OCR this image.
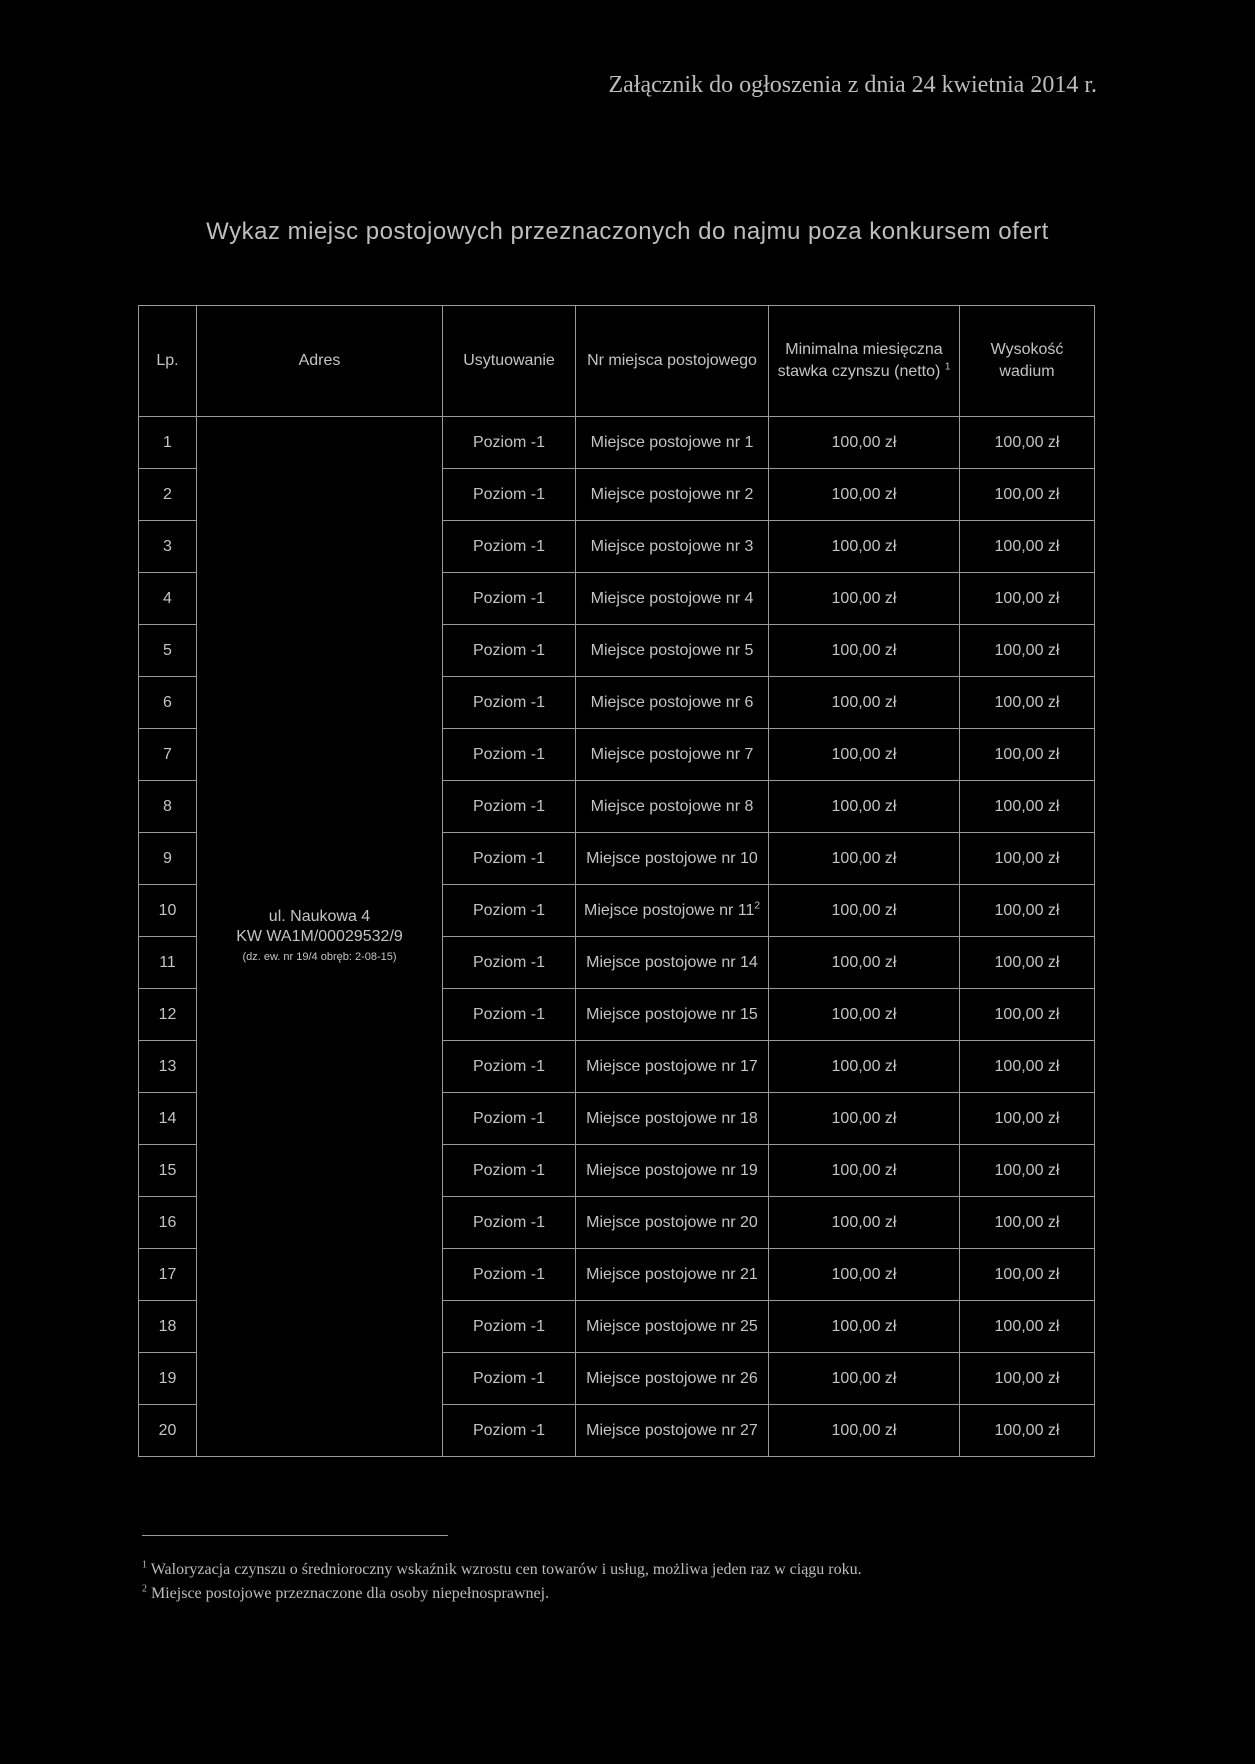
Załącznik do ogłoszenia z dnia 24 kwietnia 2014 r.
Wykaz miejsc postojowych przeznaczonych do najmu poza konkursem ofert
Lp.	Adres	Usytuowanie	Nr miejsca postojowego	Minimalna miesięczna stawka czynszu (netto) $^1$	Wysokość wadium
1	ul. Naukowa 4
KW WA1M/00029532/9
(dz. ew. nr 19/4 obręb: 2-08-15)	Poziom -1	Miejsce postojowe nr 1	100,00 zł	100,00 zł
2		Poziom -1	Miejsce postojowe nr 2	100,00 zł	100,00 zł
3		Poziom -1	Miejsce postojowe nr 3	100,00 zł	100,00 zł
4		Poziom -1	Miejsce postojowe nr 4	100,00 zł	100,00 zł
5		Poziom -1	Miejsce postojowe nr 5	100,00 zł	100,00 zł
6		Poziom -1	Miejsce postojowe nr 6	100,00 zł	100,00 zł
7		Poziom -1	Miejsce postojowe nr 7	100,00 zł	100,00 zł
8		Poziom -1	Miejsce postojowe nr 8	100,00 zł	100,00 zł
9		Poziom -1	Miejsce postojowe nr 10	100,00 zł	100,00 zł
10		Poziom -1	Miejsce postojowe nr $11^2$	100,00 zł	100,00 zł
11		Poziom -1	Miejsce postojowe nr 14	100,00 zł	100,00 zł
12		Poziom -1	Miejsce postojowe nr 15	100,00 zł	100,00 zł
13		Poziom -1	Miejsce postojowe nr 17	100,00 zł	100,00 zł
14		Poziom -1	Miejsce postojowe nr 18	100,00 zł	100,00 zł
15		Poziom -1	Miejsce postojowe nr 19	100,00 zł	100,00 zł
16		Poziom -1	Miejsce postojowe nr 20	100,00 zł	100,00 zł
17		Poziom -1	Miejsce postojowe nr 21	100,00 zł	100,00 zł
18		Poziom -1	Miejsce postojowe nr 25	100,00 zł	100,00 zł
19		Poziom -1	Miejsce postojowe nr 26	100,00 zł	100,00 zł
20		Poziom -1	Miejsce postojowe nr 27	100,00 zł	100,00 zł

$^1$ Waloryzacja czynszu o średnioroczny wskaźnik wzrostu cen towarów i usług, możliwa jeden raz w ciągu roku.

$^2$ Miejsce postojowe przeznaczone dla osoby niepełnosprawnej.
